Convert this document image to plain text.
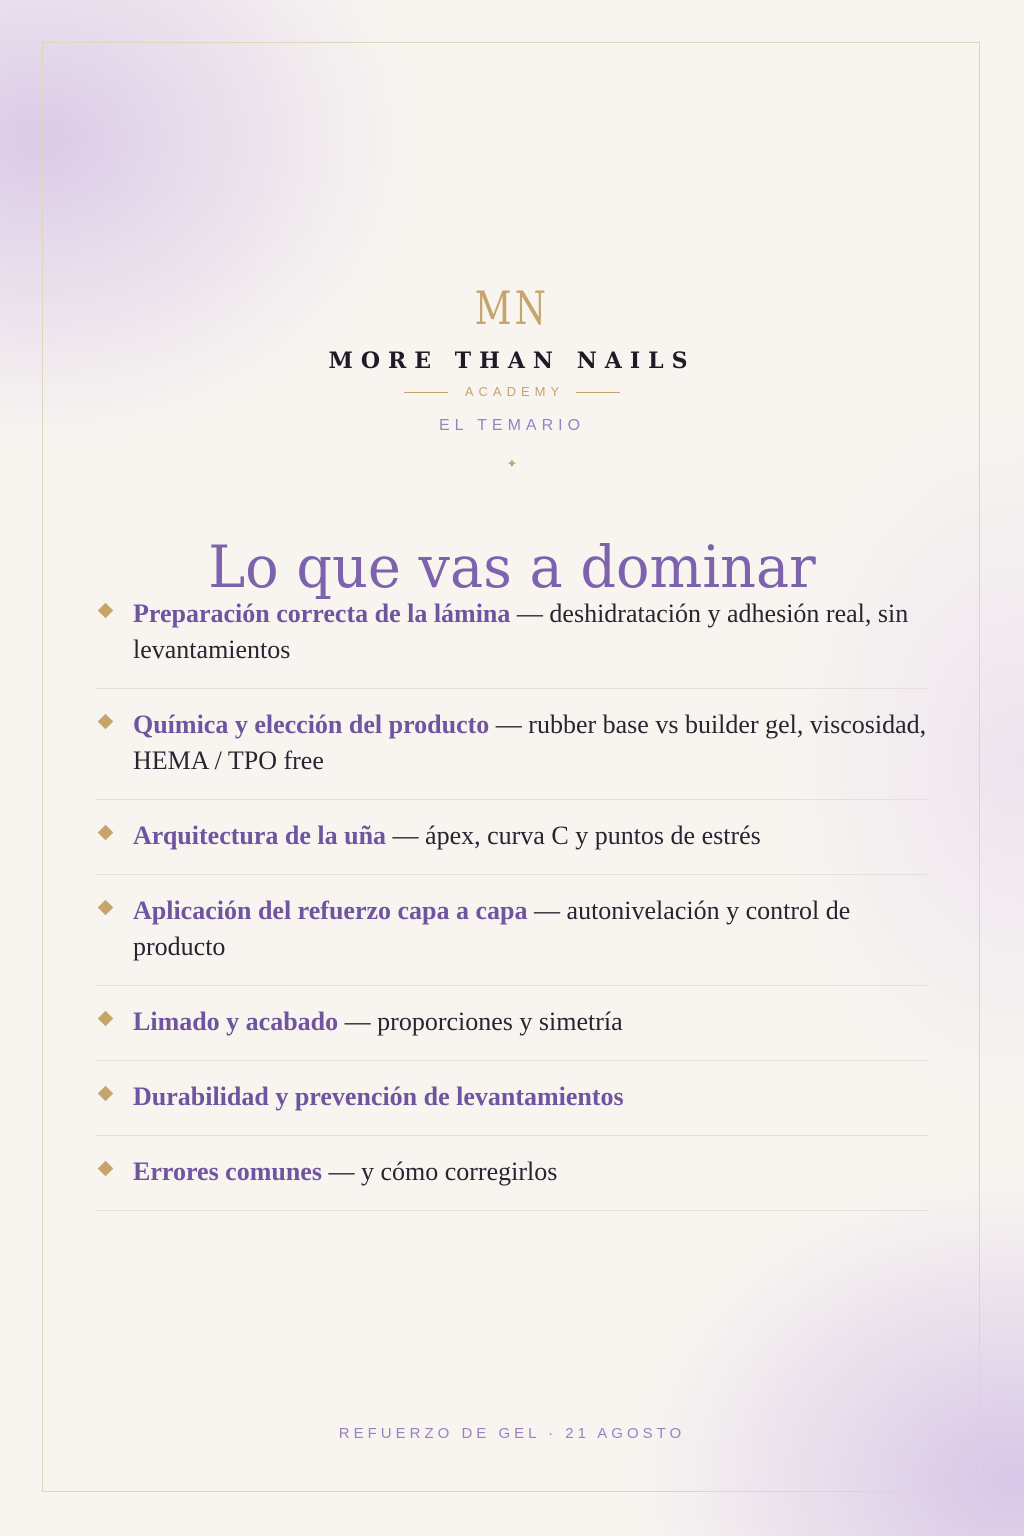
MN
MORE THAN NAILS
ACADEMY
EL TEMARIO
✦
Lo que vas a dominar
Preparación correcta de la lámina — deshidratación y adhesión real, sin levantamientos
Química y elección del producto — rubber base vs builder gel, viscosidad, HEMA / TPO free
Arquitectura de la uña — ápex, curva C y puntos de estrés
Aplicación del refuerzo capa a capa — autonivelación y control de producto
Limado y acabado — proporciones y simetría
Durabilidad y prevención de levantamientos
Errores comunes — y cómo corregirlos
REFUERZO DE GEL · 21 AGOSTO
